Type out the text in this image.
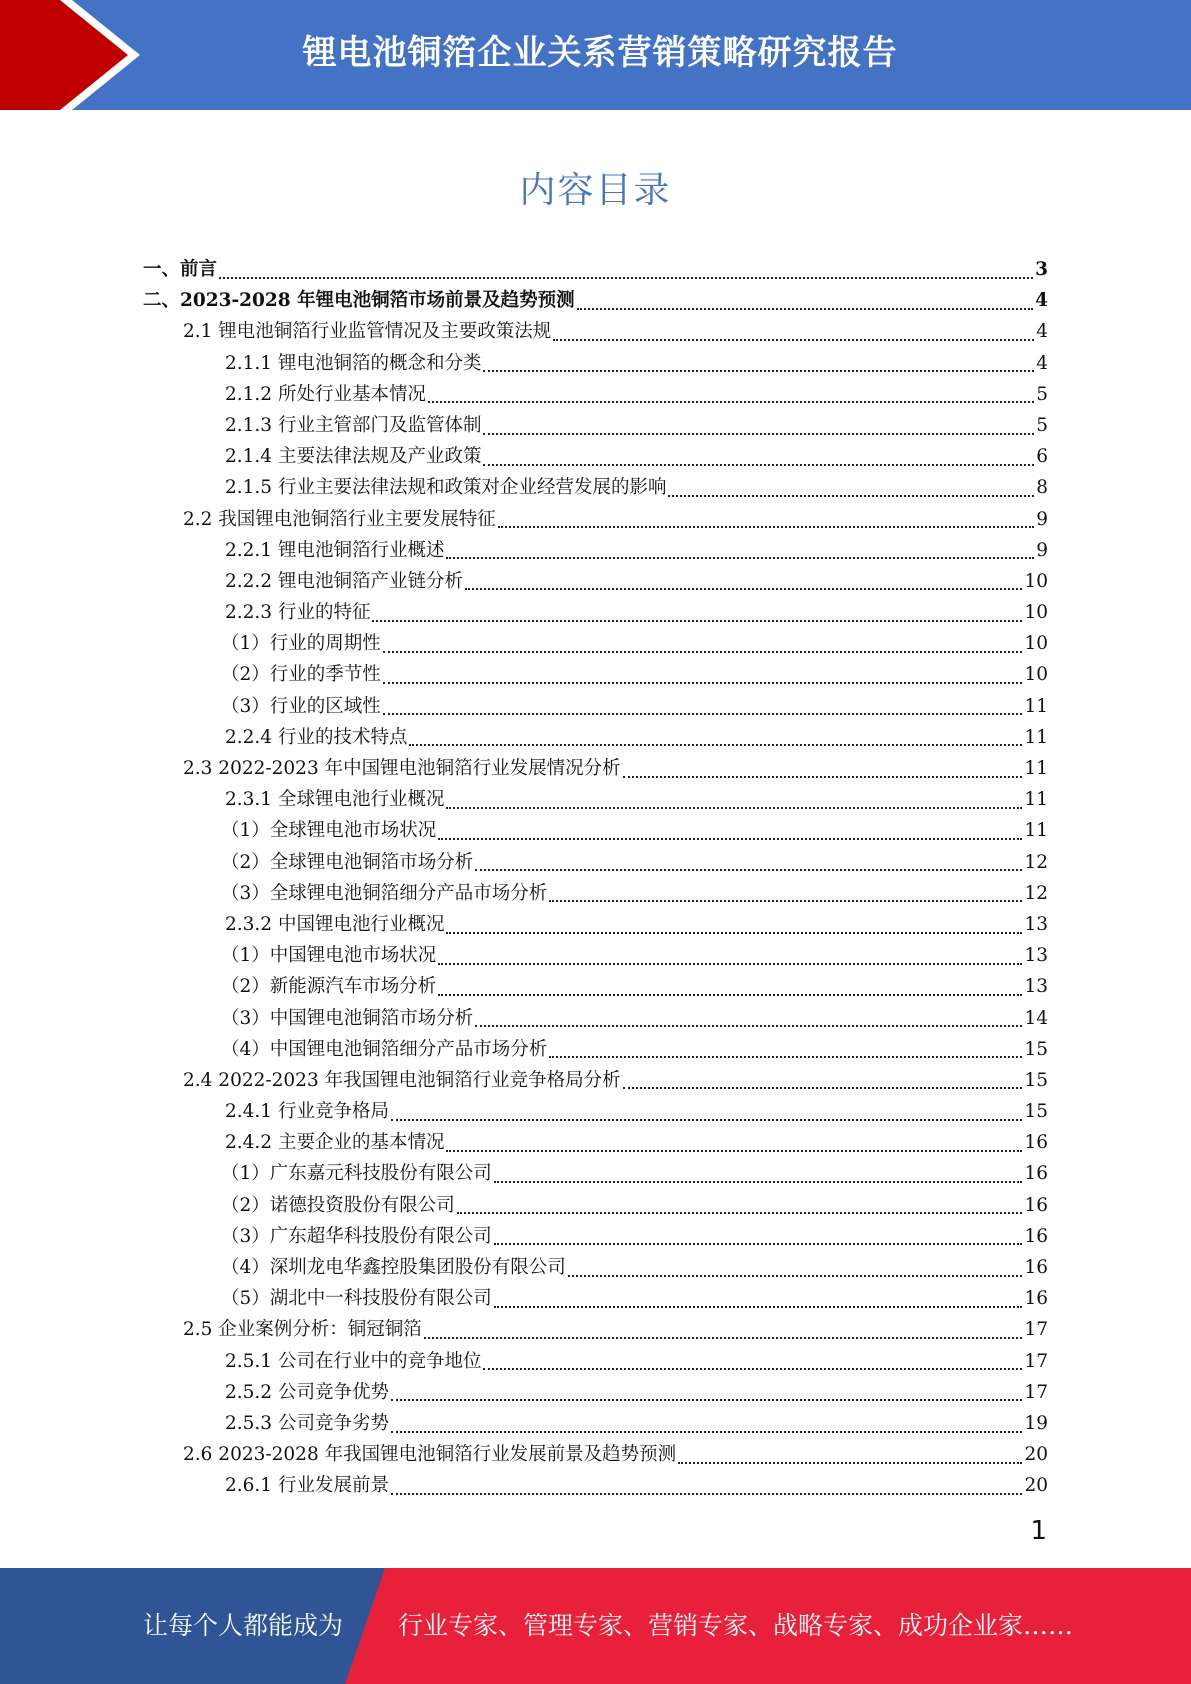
锂电池铜箔企业关系营销策略研究报告
内容目录
一、前言	3
二、2023-2028 年锂电池铜箔市场前景及趋势预测	4
2.1 锂电池铜箔行业监管情况及主要政策法规	4
2.1.1 锂电池铜箔的概念和分类	4
2.1.2 所处行业基本情况	5
2.1.3 行业主管部门及监管体制	5
2.1.4 主要法律法规及产业政策	6
2.1.5 行业主要法律法规和政策对企业经营发展的影响	8
2.2 我国锂电池铜箔行业主要发展特征	9
2.2.1 锂电池铜箔行业概述	9
2.2.2 锂电池铜箔产业链分析	10
2.2.3 行业的特征	10
（1）行业的周期性	10
（2）行业的季节性	10
（3）行业的区域性	11
2.2.4 行业的技术特点	11
2.3 2022-2023 年中国锂电池铜箔行业发展情况分析	11
2.3.1 全球锂电池行业概况	11
（1）全球锂电池市场状况	11
（2）全球锂电池铜箔市场分析	12
（3）全球锂电池铜箔细分产品市场分析	12
2.3.2 中国锂电池行业概况	13
（1）中国锂电池市场状况	13
（2）新能源汽车市场分析	13
（3）中国锂电池铜箔市场分析	14
（4）中国锂电池铜箔细分产品市场分析	15
2.4 2022-2023 年我国锂电池铜箔行业竞争格局分析	15
2.4.1 行业竞争格局	15
2.4.2 主要企业的基本情况	16
（1）广东嘉元科技股份有限公司	16
（2）诺德投资股份有限公司	16
（3）广东超华科技股份有限公司	16
（4）深圳龙电华鑫控股集团股份有限公司	16
（5）湖北中一科技股份有限公司	16
2.5 企业案例分析：铜冠铜箔	17
2.5.1 公司在行业中的竞争地位	17
2.5.2 公司竞争优势	17
2.5.3 公司竞争劣势	19
2.6 2023-2028 年我国锂电池铜箔行业发展前景及趋势预测	20
2.6.1 行业发展前景	20
1
让每个人都能成为 行业专家、管理专家、营销专家、战略专家、成功企业家……
